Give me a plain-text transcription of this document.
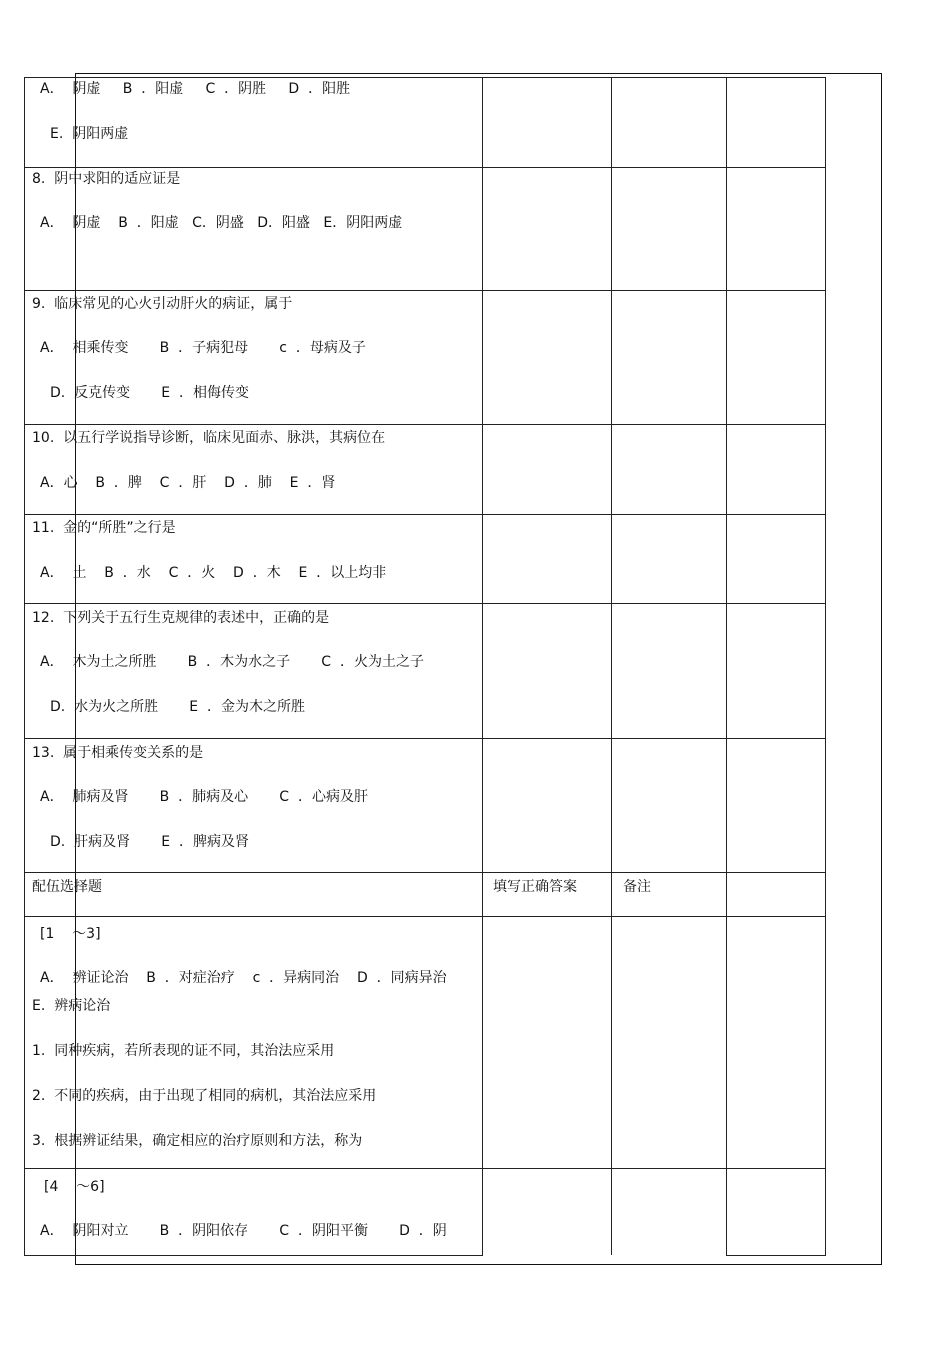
A．  阴虚     B  ．阳虚     C  ．阴胜     D  ．阳胜
E.  阴阳两虚
8.  阴中求阳的适应证是
A．  阴虚    B  ．阳虚   C．阴盛   D．阳盛   E．阴阳两虚
9.  临床常见的心火引动肝火的病证，属于
A．  相乘传变       B  ．子病犯母       c  ．母病及子
D.  反克传变       E  ．相侮传变
10.  以五行学说指导诊断，临床见面赤、脉洪，其病位在
A．心    B  ．脾    C  ．肝    D  ．肺    E  ．肾
11.  金的“所胜”之行是
A．  土    B  ．水    C  ．火    D  ．木    E  ．以上均非
12.  下列关于五行生克规律的表述中，正确的是
A．  木为土之所胜       B  ．木为水之子       C  ．火为土之子
D.  水为火之所胜       E  ．金为木之所胜
13.  属于相乘传变关系的是
A．  肺病及肾       B  ．肺病及心       C  ．心病及肝
D.  肝病及肾       E  ．脾病及肾
配伍选择题	填写正确答案	备注
[1    ～3]
A．  辨证论治    B  ．对症治疗    c  ．异病同治    D  ．同病异治
E.  辨病论治
1.  同种疾病，若所表现的证不同，其治法应采用
2.  不同的疾病，由于出现了相同的病机，其治法应采用
3.  根据辨证结果，确定相应的治疗原则和方法，称为
[4    ～6]
A．  阴阳对立       B  ．阴阳依存       C  ．阴阳平衡       D  ．阴
